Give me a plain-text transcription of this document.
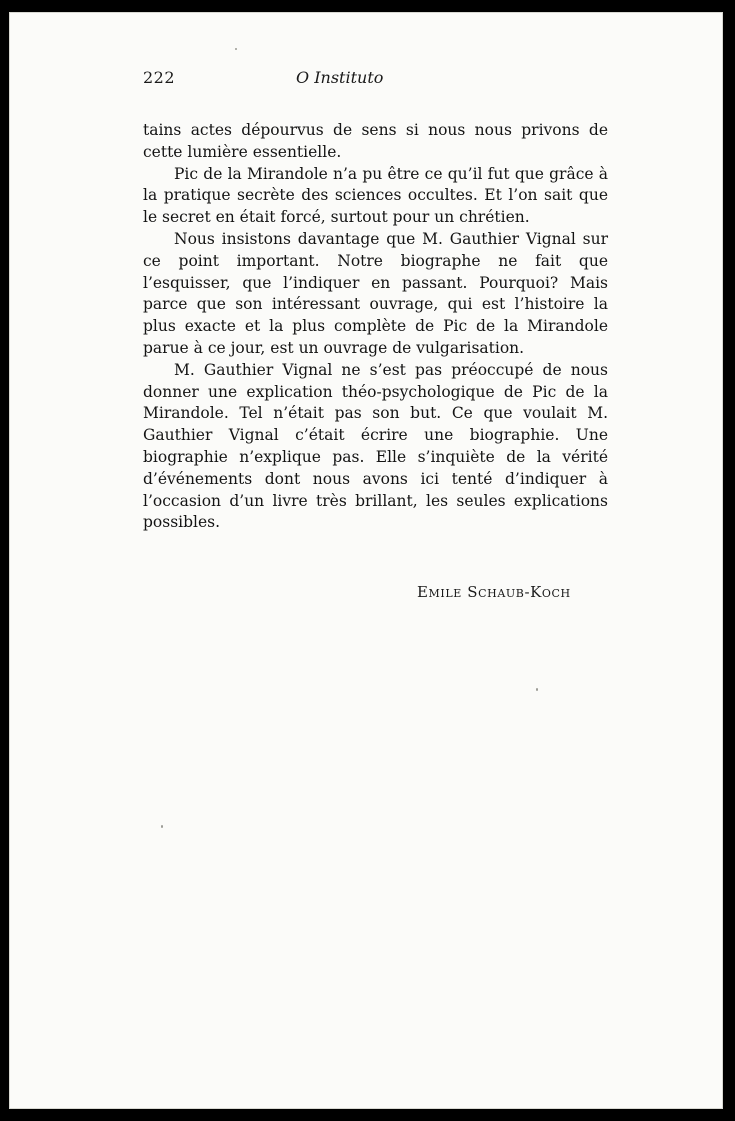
222	O Instituto

tains actes dépourvus de sens si nous nous privons de cette lumière essentielle.

Pic de la Mirandole n’a pu être ce qu’il fut que grâce à la pratique secrète des sciences occultes. Et l’on sait que le secret en était forcé, surtout pour un chrétien.

Nous insistons davantage que M. Gauthier Vignal sur ce point important. Notre biographe ne fait que l’esquisser, que l’indiquer en passant. Pourquoi? Mais parce que son intéressant ouvrage, qui est l’histoire la plus exacte et la plus complète de Pic de la Mirandole parue à ce jour, est un ouvrage de vulgarisation.

M. Gauthier Vignal ne s’est pas préoccupé de nous donner une explication théo-psychologique de Pic de la Mirandole. Tel n’était pas son but. Ce que voulait M. Gauthier Vignal c’était écrire une biographie. Une biographie n’explique pas. Elle s’inquiète de la vérité d’événements dont nous avons ici tenté d’indiquer à l’occasion d’un livre très brillant, les seules explications possibles.

Emile Schaub-Koch
